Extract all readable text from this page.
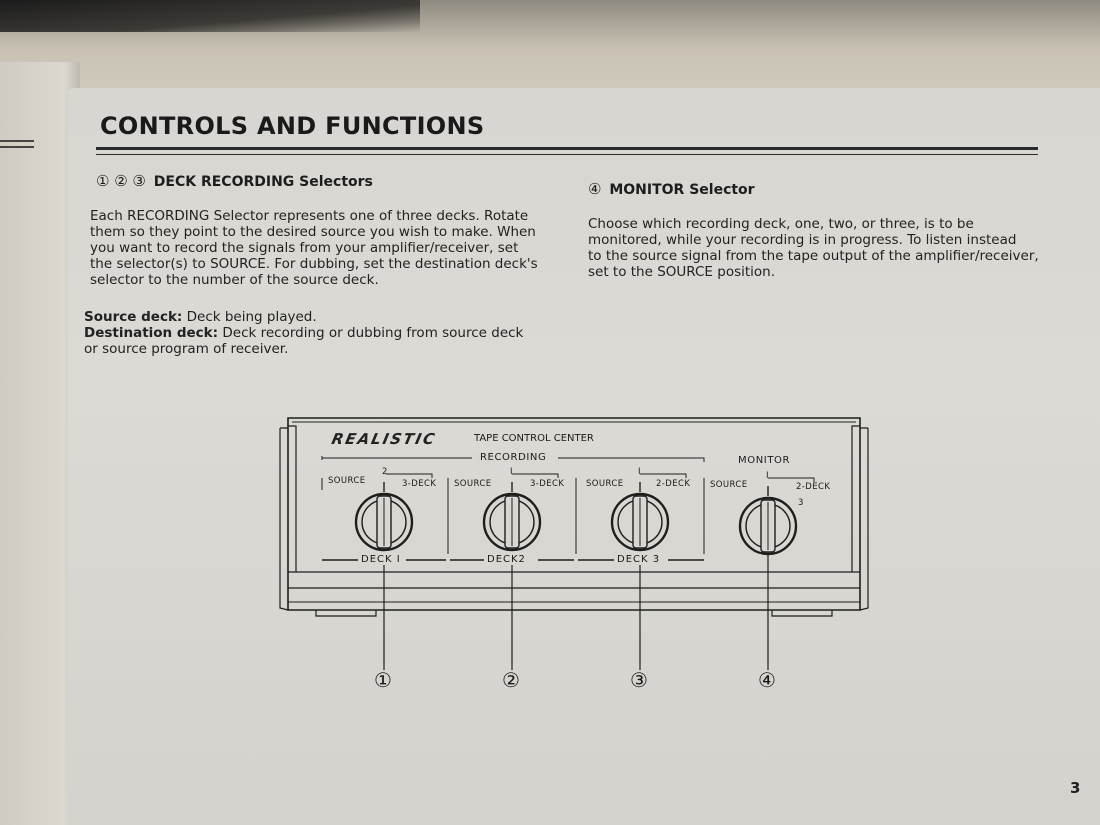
CONTROLS AND FUNCTIONS
① ② ③ DECK RECORDING Selectors
Each RECORDING Selector represents one of three decks. Rotate
them so they point to the desired source you wish to make. When
you want to record the signals from your amplifier/receiver, set
the selector(s) to SOURCE. For dubbing, set the destination deck's
selector to the number of the source deck.
Source deck: Deck being played.
Destination deck: Deck recording or dubbing from source deck
or source program of receiver.
④ MONITOR Selector
Choose which recording deck, one, two, or three, is to be
monitored, while your recording is in progress. To listen instead
to the source signal from the tape output of the amplifier/receiver,
set to the SOURCE position.
3
REALISTIC	TAPE CONTROL CENTER
RECORDING	MONITOR
SOURCE
2
3-DECK
DECK I
SOURCE
I
3-DECK
DECK2
SOURCE
I
2-DECK
DECK 3
SOURCE
I
2-DECK
3
①	②	③	④
